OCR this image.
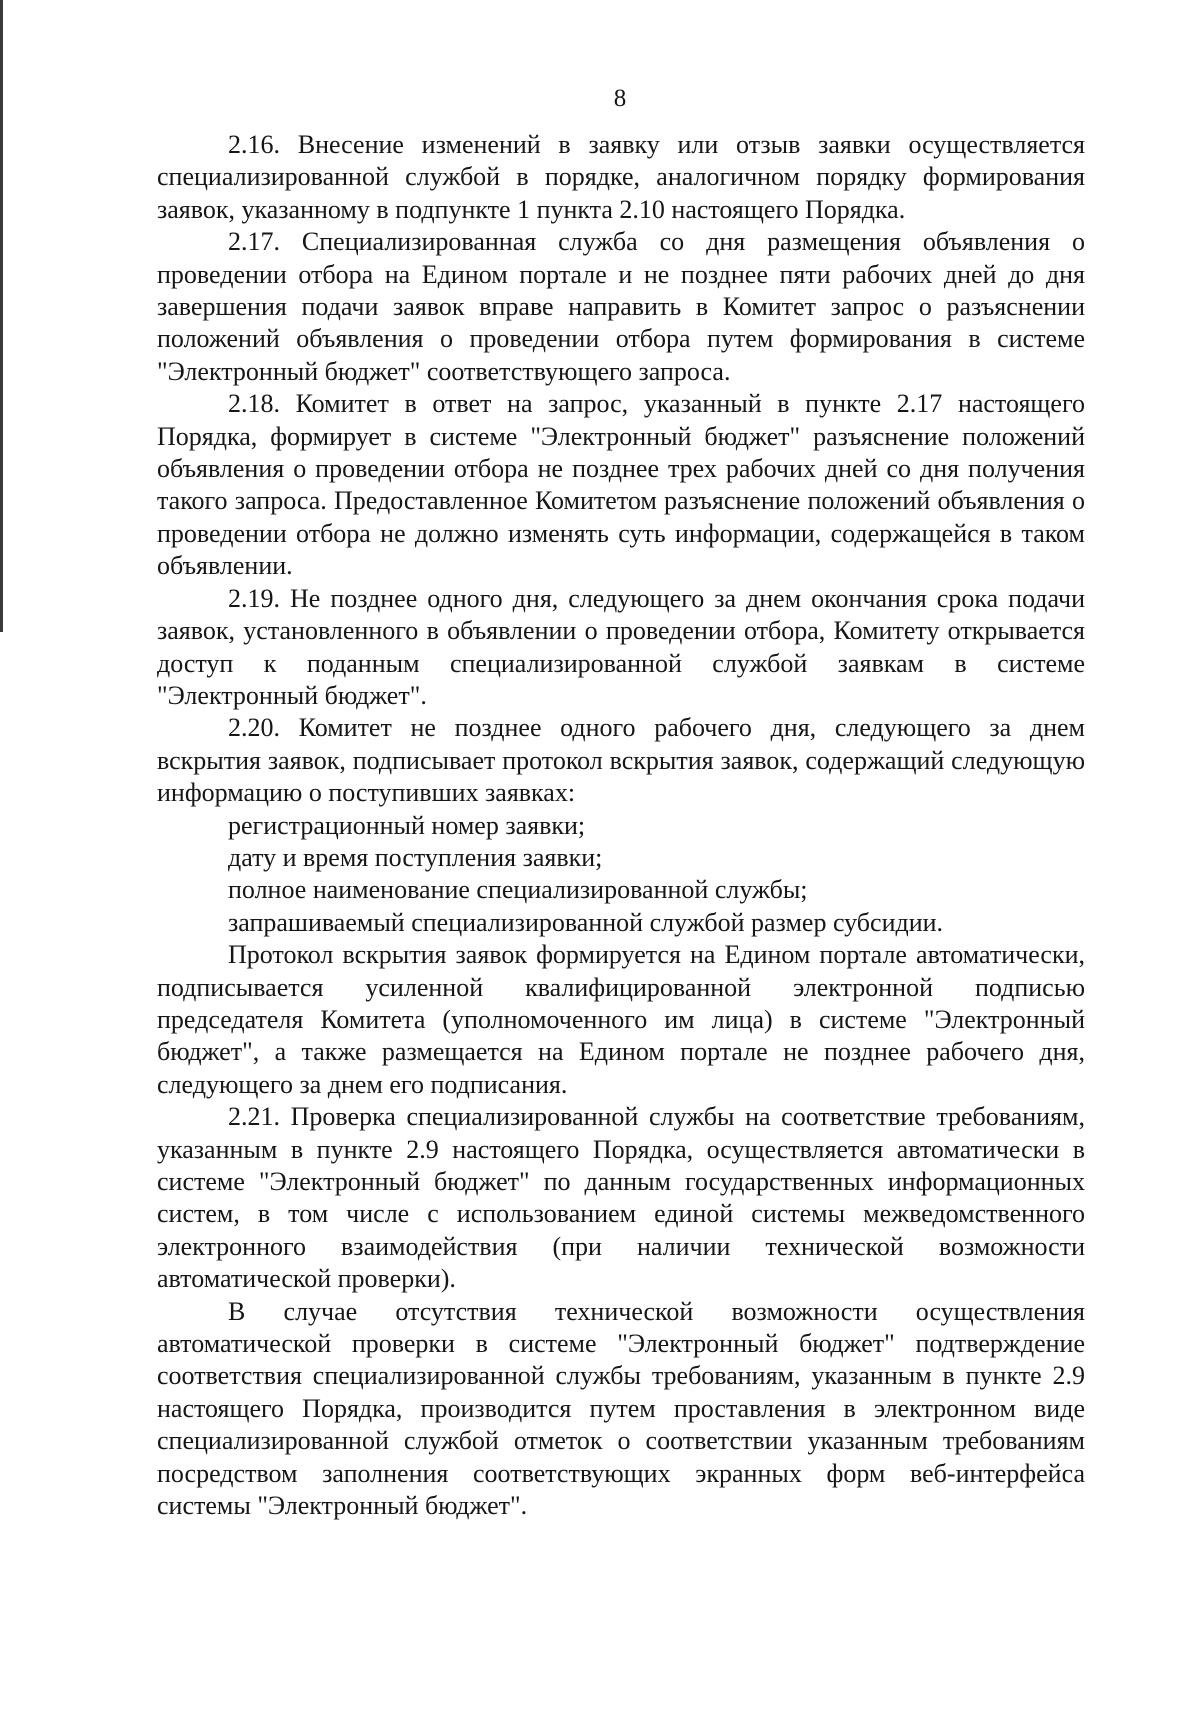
8

2.16. Внесение изменений в заявку или отзыв заявки осуществляется специализированной службой в порядке, аналогичном порядку формирования заявок, указанному в подпункте 1 пункта 2.10 настоящего Порядка.

2.17. Специализированная служба со дня размещения объявления о проведении отбора на Едином портале и не позднее пяти рабочих дней до дня завершения подачи заявок вправе направить в Комитет запрос о разъяснении положений объявления о проведении отбора путем формирования в системе "Электронный бюджет" соответствующего запроса.

2.18. Комитет в ответ на запрос, указанный в пункте 2.17 настоящего Порядка, формирует в системе "Электронный бюджет" разъяснение положений объявления о проведении отбора не позднее трех рабочих дней со дня получения такого запроса. Предоставленное Комитетом разъяснение положений объявления о проведении отбора не должно изменять суть информации, содержащейся в таком объявлении.

2.19. Не позднее одного дня, следующего за днем окончания срока подачи заявок, установленного в объявлении о проведении отбора, Комитету открывается доступ к поданным специализированной службой заявкам в системе "Электронный бюджет".

2.20. Комитет не позднее одного рабочего дня, следующего за днем вскрытия заявок, подписывает протокол вскрытия заявок, содержащий следующую информацию о поступивших заявках:

регистрационный номер заявки;

дату и время поступления заявки;

полное наименование специализированной службы;

запрашиваемый специализированной службой размер субсидии.

Протокол вскрытия заявок формируется на Едином портале автоматически, подписывается усиленной квалифицированной электронной подписью председателя Комитета (уполномоченного им лица) в системе "Электронный бюджет", а также размещается на Едином портале не позднее рабочего дня, следующего за днем его подписания.

2.21. Проверка специализированной службы на соответствие требованиям, указанным в пункте 2.9 настоящего Порядка, осуществляется автоматически в системе "Электронный бюджет" по данным государственных информационных систем, в том числе с использованием единой системы межведомственного электронного взаимодействия (при наличии технической возможности автоматической проверки).

В случае отсутствия технической возможности осуществления автоматической проверки в системе "Электронный бюджет" подтверждение соответствия специализированной службы требованиям, указанным в пункте 2.9 настоящего Порядка, производится путем проставления в электронном виде специализированной службой отметок о соответствии указанным требованиям посредством заполнения соответствующих экранных форм веб-интерфейса системы "Электронный бюджет".
